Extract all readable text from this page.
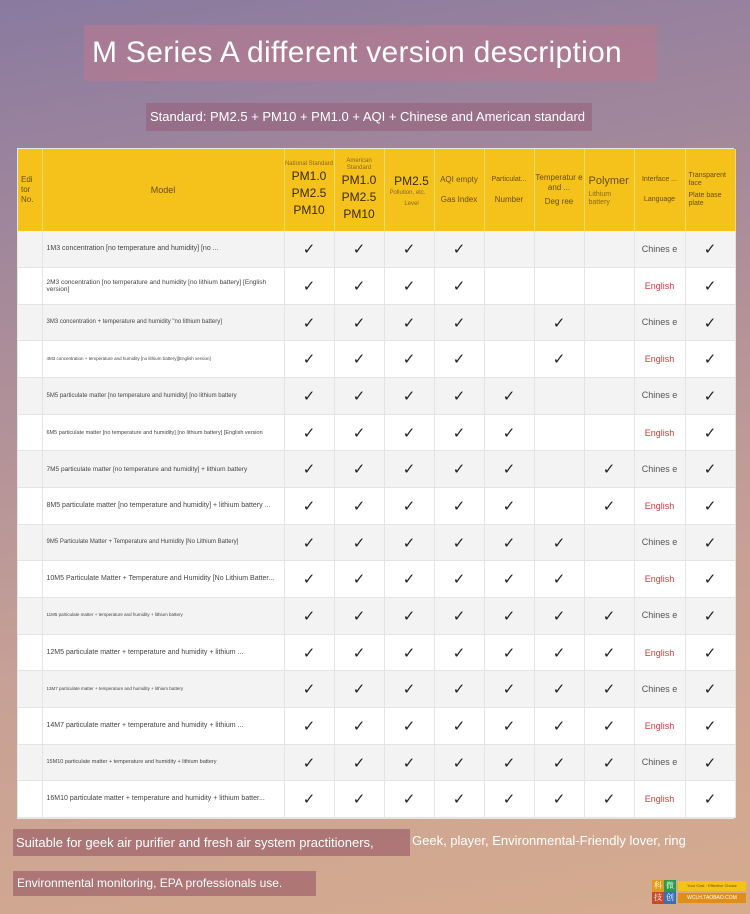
M Series A different version description
Standard: PM2.5 + PM10 + PM1.0 + AQI + Chinese and American standard
Edi
tor
No.	Model	National Standard
PM1.0
PM2.5
PM10	American Standard
PM1.0
PM2.5
PM10	PM2.5
Pollution, etc.
Level	AQI empty
Gas Index	Particulat...
Number	Temperatur e and ...
Deg ree	Polymer
Lithium battery	Interface ...
Language	Transparent face
Plate base plate

	1M3 concentration [no temperature and humidity] [no ...	✓	✓	✓	✓				Chines e	✓
	2M3 concentration [no temperature and humidity [no lithium battery] [English version]	✓	✓	✓	✓				English	✓
	3M3 concentration + temperature and humidity "no lithium battery]	✓	✓	✓	✓		✓		Chines e	✓
	4M3 concentration + temperature and humidity [no lithium battery][English version]	✓	✓	✓	✓		✓		English	✓
	5M5 particulate matter [no temperature and humidity] [no lithium battery	✓	✓	✓	✓	✓			Chines e	✓
	6M5 particulate matter [no temperature and humidity] [no lithium battery] [English version	✓	✓	✓	✓	✓			English	✓
	7M5 particulate matter [no temperature and humidity] + lithium battery	✓	✓	✓	✓	✓		✓	Chines e	✓
	8M5 particulate matter [no temperature and humidity] + lithium battery ...	✓	✓	✓	✓	✓		✓	English	✓
	9M5 Particulate Matter + Temperature and Humidity [No Lithium Battery]	✓	✓	✓	✓	✓	✓		Chines e	✓
	10M5 Particulate Matter + Temperature and Humidity [No Lithium Batter...	✓	✓	✓	✓	✓	✓		English	✓
	11M5 particulate matter + temperature and humidity + lithium battery	✓	✓	✓	✓	✓	✓	✓	Chines e	✓
	12M5 particulate matter + temperature and humidity + lithium ...	✓	✓	✓	✓	✓	✓	✓	English	✓
	13M7 particulate matter + temperature and humidity + lithium battery	✓	✓	✓	✓	✓	✓	✓	Chines e	✓
	14M7 particulate matter + temperature and humidity + lithium ...	✓	✓	✓	✓	✓	✓	✓	English	✓
	15M10 particulate matter + temperature and humidity + lithium battery	✓	✓	✓	✓	✓	✓	✓	Chines e	✓
	16M10 particulate matter + temperature and humidity + lithium batter...	✓	✓	✓	✓	✓	✓	✓	English	✓
Suitable for geek air purifier and fresh air system practitioners,	Geek, player, Environmental-Friendly lover, ring
Environmental monitoring, EPA professionals use.	科 微
技 创
Your Cost · Effective Choice
WCLH.TAOBAO.COM
